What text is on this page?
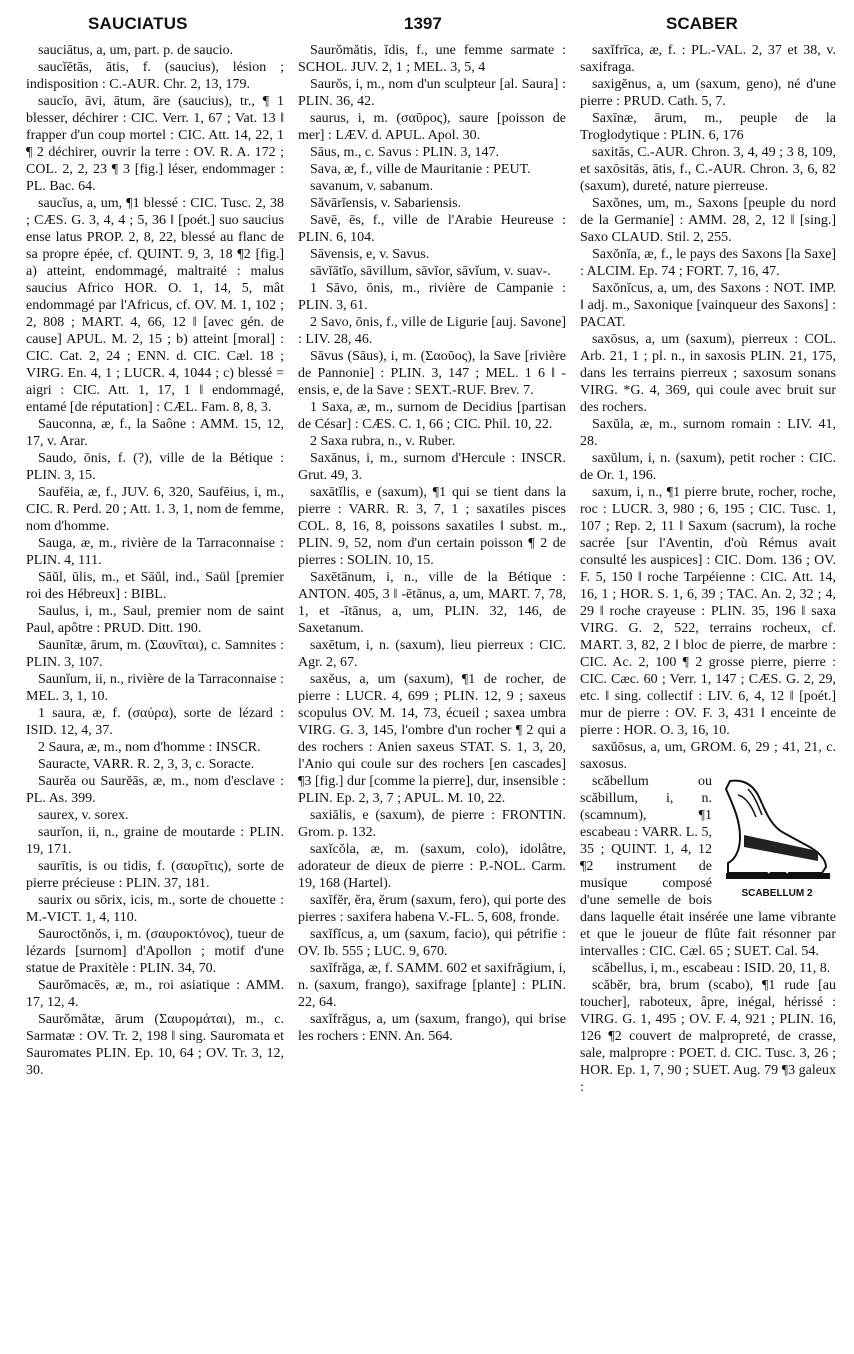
SAUCIATUS	1397	SCABER

sauciātus, a, um, part. p. de saucio.

saucĭētās, ātis, f. (saucius), lésion ; indisposition : C.-AUR. Chr. 2, 13, 179.

saucĭo, āvi, ātum, āre (saucius), tr., ¶ 1 blesser, déchirer : CIC. Verr. 1, 67 ; Vat. 13 ‖ frapper d'un coup mortel : CIC. Att. 14, 22, 1 ¶ 2 déchirer, ouvrir la terre : OV. R. A. 172 ; COL. 2, 2, 23 ¶ 3 [fig.] léser, endommager : PL. Bac. 64.

saucĭus, a, um, ¶1 blessé : CIC. Tusc. 2, 38 ; CÆS. G. 3, 4, 4 ; 5, 36 ‖ [poét.] suo saucius ense latus PROP. 2, 8, 22, blessé au flanc de sa propre épée, cf. QUINT. 9, 3, 18 ¶2 [fig.] a) atteint, endommagé, maltraité : malus saucius Africo HOR. O. 1, 14, 5, mât endommagé par l'Africus, cf. OV. M. 1, 102 ; 2, 808 ; MART. 4, 66, 12 ‖ [avec gén. de cause] APUL. M. 2, 15 ; b) atteint [moral] : CIC. Cat. 2, 24 ; ENN. d. CIC. Cæl. 18 ; VIRG. En. 4, 1 ; LUCR. 4, 1044 ; c) blessé = aigri : CIC. Att. 1, 17, 1 ‖ endommagé, entamé [de réputation] : CÆL. Fam. 8, 8, 3.

Sauconna, æ, f., la Saône : AMM. 15, 12, 17, v. Arar.

Saudo, ōnis, f. (?), ville de la Bétique : PLIN. 3, 15.

Saufēia, æ, f., JUV. 6, 320, Saufēius, i, m., CIC. R. Perd. 20 ; Att. 1. 3, 1, nom de femme, nom d'homme.

Sauga, æ, m., rivière de la Tarraconnaise : PLIN. 4, 111.

Sāŭl, ūlis, m., et Sāŭl, ind., Saül [premier roi des Hébreux] : BIBL.

Saulus, i, m., Saul, premier nom de saint Paul, apôtre : PRUD. Ditt. 190.

Saunītæ, ārum, m. (Σαυνῖται), c. Samnites : PLIN. 3, 107.

Saunĭum, ii, n., rivière de la Tarraconnaise : MEL. 3, 1, 10.

1 saura, æ, f. (σαύρα), sorte de lézard : ISID. 12, 4, 37.

2 Saura, æ, m., nom d'homme : INSCR.

Sauracte, VARR. R. 2, 3, 3, c. Soracte.

Saurĕa ou Saurĕās, æ, m., nom d'esclave : PL. As. 399.

saurex, v. sorex.

saurĭon, ii, n., graine de moutarde : PLIN. 19, 171.

saurītis, is ou tidis, f. (σαυρῖτις), sorte de pierre précieuse : PLIN. 37, 181.

saurix ou sōrix, icis, m., sorte de chouette : M.-VICT. 1, 4, 110.

Sauroctŏnŏs, i, m. (σαυροκτόνος), tueur de lézards [surnom] d'Apollon ; motif d'une statue de Praxitèle : PLIN. 34, 70.

Saurŏmacēs, æ, m., roi asiatique : AMM. 17, 12, 4.

Saurŏmătæ, ārum (Σαυρομάται), m., c. Sarmatæ : OV. Tr. 2, 198 ‖ sing. Sauromata et Sauromates PLIN. Ep. 10, 64 ; OV. Tr. 3, 12, 30.

Saurŏmătis, ĭdis, f., une femme sarmate : SCHOL. JUV. 2, 1 ; MEL. 3, 5, 4

Saurŏs, i, m., nom d'un sculpteur [al. Saura] : PLIN. 36, 42.

saurus, i, m. (σαῦρος), saure [poisson de mer] : LÆV. d. APUL. Apol. 30.

Sāus, m., c. Savus : PLIN. 3, 147.

Sava, æ, f., ville de Mauritanie : PEUT.

savanum, v. sabanum.

Săvārĭensis, v. Sabariensis.

Savē, ēs, f., ville de l'Arabie Heureuse : PLIN. 6, 104.

Sāvensis, e, v. Savus.

sāvĭātĭo, sāvillum, sāvĭor, sāvĭum, v. suav-.

1 Sāvo, ōnis, m., rivière de Campanie : PLIN. 3, 61.

2 Savo, ōnis, f., ville de Ligurie [auj. Savone] : LIV. 28, 46.

Sāvus (Sāus), i, m. (Σαοῦος), la Save [rivière de Pannonie] : PLIN. 3, 147 ; MEL. 1 6 ‖ -ensis, e, de la Save : SEXT.-RUF. Brev. 7.

1 Saxa, æ, m., surnom de Decidius [partisan de César] : CÆS. C. 1, 66 ; CIC. Phil. 10, 22.

2 Saxa rubra, n., v. Ruber.

Saxānus, i, m., surnom d'Hercule : INSCR. Grut. 49, 3.

saxātĭlis, e (saxum), ¶1 qui se tient dans la pierre : VARR. R. 3, 7, 1 ; saxatiles pisces COL. 8, 16, 8, poissons saxatiles ‖ subst. m., PLIN. 9, 52, nom d'un certain poisson ¶ 2 de pierres : SOLIN. 10, 15.

Saxētānum, i, n., ville de la Bétique : ANTON. 405, 3 ‖ -ētānus, a, um, MART. 7, 78, 1, et -ītānus, a, um, PLIN. 32, 146, de Saxetanum.

saxētum, i, n. (saxum), lieu pierreux : CIC. Agr. 2, 67.

saxĕus, a, um (saxum), ¶1 de rocher, de pierre : LUCR. 4, 699 ; PLIN. 12, 9 ; saxeus scopulus OV. M. 14, 73, écueil ; saxea umbra VIRG. G. 3, 145, l'ombre d'un rocher ¶ 2 qui a des rochers : Anien saxeus STAT. S. 1, 3, 20, l'Anio qui coule sur des rochers [en cascades] ¶3 [fig.] dur [comme la pierre], dur, insensible : PLIN. Ep. 2, 3, 7 ; APUL. M. 10, 22.

saxiālis, e (saxum), de pierre : FRONTIN. Grom. p. 132.

saxĭcŏla, æ, m. (saxum, colo), idolâtre, adorateur de dieux de pierre : P.-NOL. Carm. 19, 168 (Hartel).

saxĭfĕr, ĕra, ĕrum (saxum, fero), qui porte des pierres : saxifera habena V.-FL. 5, 608, fronde.

saxĭfĭcus, a, um (saxum, facio), qui pétrifie : OV. Ib. 555 ; LUC. 9, 670.

saxĭfrăga, æ, f. SAMM. 602 et saxifrăgium, i, n. (saxum, frango), saxifrage [plante] : PLIN. 22, 64.

saxĭfrăgus, a, um (saxum, frango), qui brise les rochers : ENN. An. 564.

saxĭfrīca, æ, f. : PL.-VAL. 2, 37 et 38, v. saxifraga.

saxigĕnus, a, um (saxum, geno), né d'une pierre : PRUD. Cath. 5, 7.

Saxīnæ, ārum, m., peuple de la Troglodytique : PLIN. 6, 176

saxitās, C.-AUR. Chron. 3, 4, 49 ; 3 8, 109, et saxōsitās, ātis, f., C.-AUR. Chron. 3, 6, 82 (saxum), dureté, nature pierreuse.

Saxŏnes, um, m., Saxons [peuple du nord de la Germanie] : AMM. 28, 2, 12 ‖ [sing.] Saxo CLAUD. Stil. 2, 255.

Saxŏnĭa, æ, f., le pays des Saxons [la Saxe] : ALCIM. Ep. 74 ; FORT. 7, 16, 47.

Saxŏnĭcus, a, um, des Saxons : NOT. IMP. ‖ adj. m., Saxonique [vainqueur des Saxons] : PACAT.

saxōsus, a, um (saxum), pierreux : COL. Arb. 21, 1 ; pl. n., in saxosis PLIN. 21, 175, dans les terrains pierreux ; saxosum sonans VIRG. *G. 4, 369, qui coule avec bruit sur des rochers.

Saxŭla, æ, m., surnom romain : LIV. 41, 28.

saxŭlum, i, n. (saxum), petit rocher : CIC. de Or. 1, 196.

saxum, i, n., ¶1 pierre brute, rocher, roche, roc : LUCR. 3, 980 ; 6, 195 ; CIC. Tusc. 1, 107 ; Rep. 2, 11 ‖ Saxum (sacrum), la roche sacrée [sur l'Aventin, d'où Rémus avait consulté les auspices] : CIC. Dom. 136 ; OV. F. 5, 150 ‖ roche Tarpéienne : CIC. Att. 14, 16, 1 ; HOR. S. 1, 6, 39 ; TAC. An. 2, 32 ; 4, 29 ‖ roche crayeuse : PLIN. 35, 196 ‖ saxa VIRG. G. 2, 522, terrains rocheux, cf. MART. 3, 82, 2 ‖ bloc de pierre, de marbre : CIC. Ac. 2, 100 ¶ 2 grosse pierre, pierre : CIC. Cæc. 60 ; Verr. 1, 147 ; CÆS. G. 2, 29, etc. ‖ sing. collectif : LIV. 6, 4, 12 ‖ [poét.] mur de pierre : OV. F. 3, 431 ‖ enceinte de pierre : HOR. O. 3, 16, 10.

saxŭōsus, a, um, GROM. 6, 29 ; 41, 21, c. saxosus.

SCABELLUM 2

scăbellum ou scăbillum, i, n. (scamnum), ¶1 escabeau : VARR. L. 5, 35 ; QUINT. 1, 4, 12 ¶2 instrument de musique composé d'une semelle de bois dans laquelle était insérée une lame vibrante et que le joueur de flûte fait résonner par intervalles : CIC. Cæl. 65 ; SUET. Cal. 54.

scăbellus, i, m., escabeau : ISID. 20, 11, 8.

scăbĕr, bra, brum (scabo), ¶1 rude [au toucher], raboteux, âpre, inégal, hérissé : VIRG. G. 1, 495 ; OV. F. 4, 921 ; PLIN. 16, 126 ¶2 couvert de malpropreté, de crasse, sale, malpropre : POET. d. CIC. Tusc. 3, 26 ; HOR. Ep. 1, 7, 90 ; SUET. Aug. 79 ¶3 galeux :
